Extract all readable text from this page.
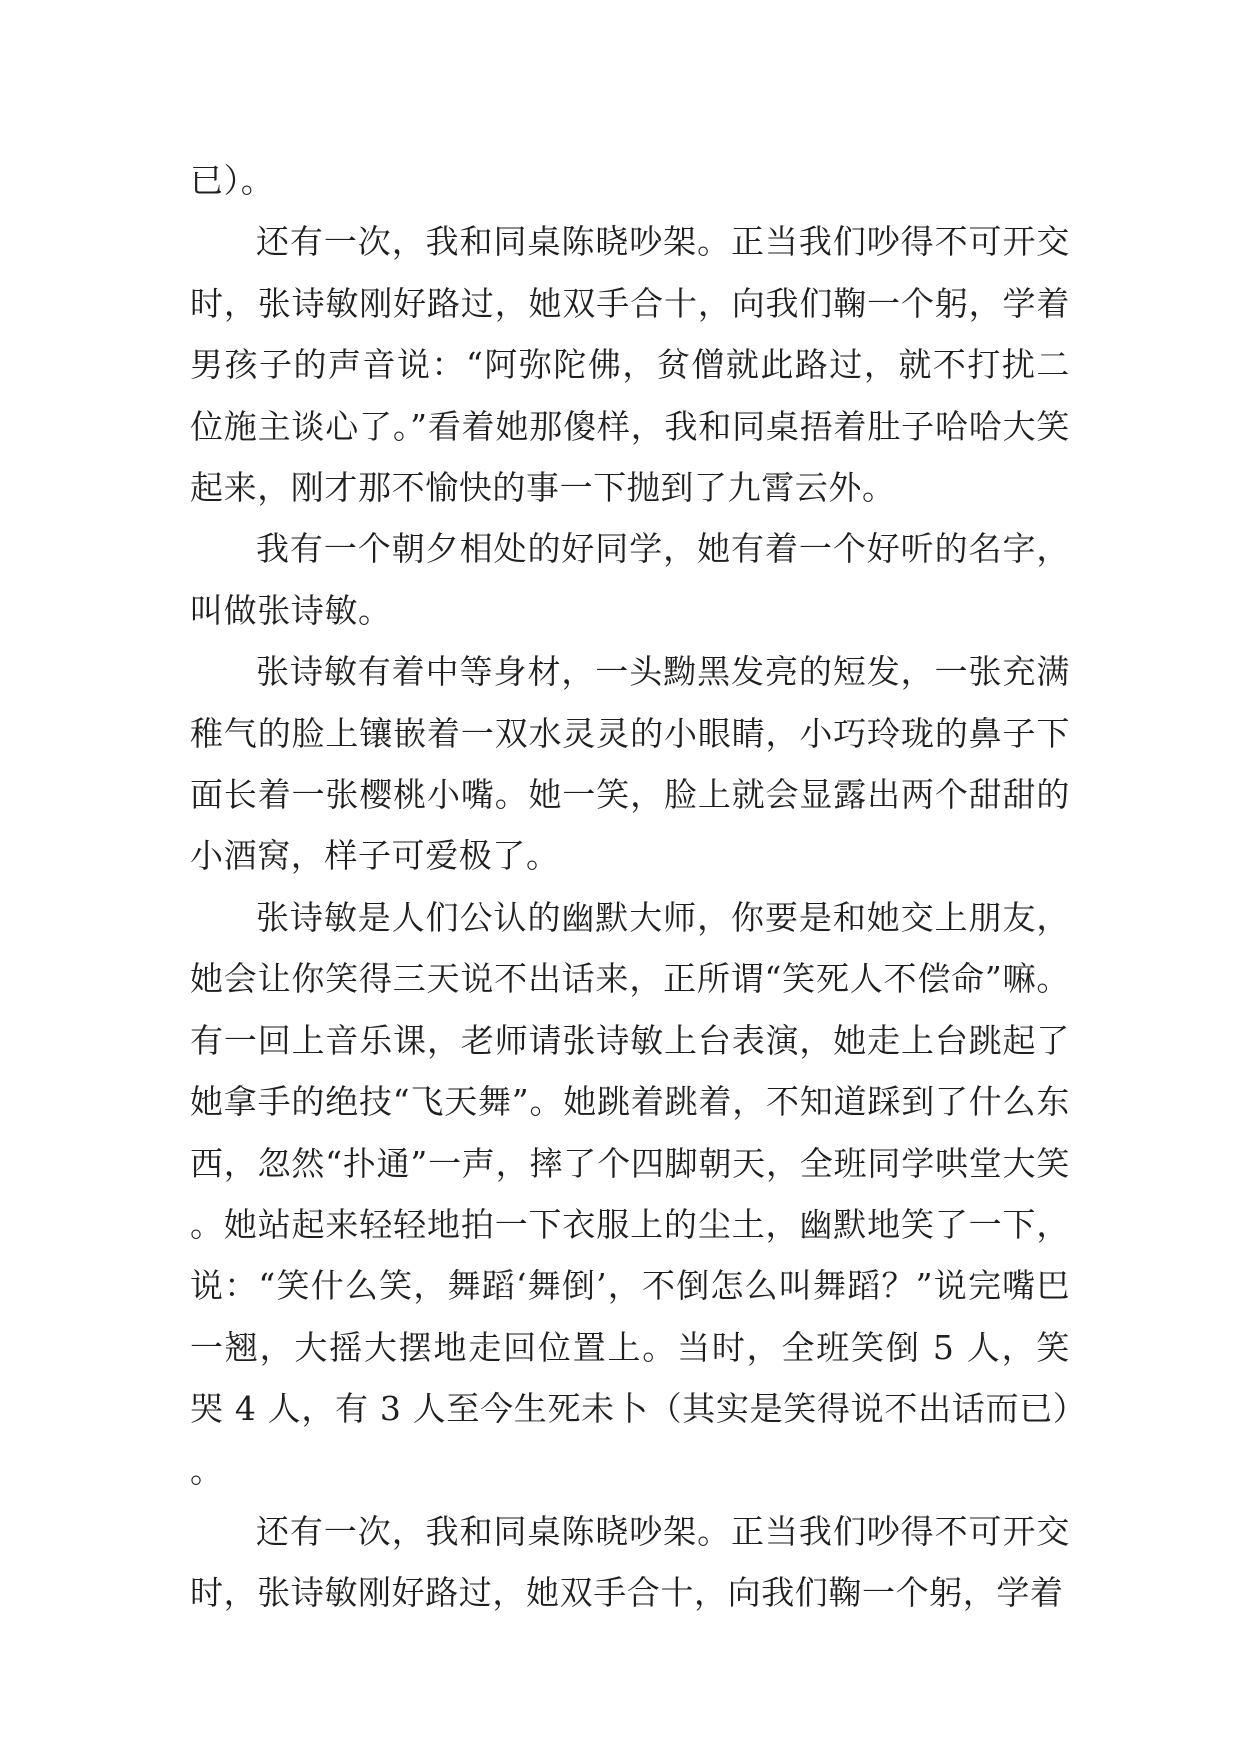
已）。

还有一次，我和同桌陈晓吵架。正当我们吵得不可开交时，张诗敏刚好路过，她双手合十，向我们鞠一个躬，学着男孩子的声音说：“阿弥陀佛，贫僧就此路过，就不打扰二位施主谈心了。”看着她那傻样，我和同桌捂着肚子哈哈大笑起来，刚才那不愉快的事一下抛到了九霄云外。

我有一个朝夕相处的好同学，她有着一个好听的名字，叫做张诗敏。

张诗敏有着中等身材，一头黝黑发亮的短发，一张充满稚气的脸上镶嵌着一双水灵灵的小眼睛，小巧玲珑的鼻子下面长着一张樱桃小嘴。她一笑，脸上就会显露出两个甜甜的小酒窝，样子可爱极了。

张诗敏是人们公认的幽默大师，你要是和她交上朋友，她会让你笑得三天说不出话来，正所谓“笑死人不偿命”嘛。有一回上音乐课，老师请张诗敏上台表演，她走上台跳起了她拿手的绝技“飞天舞”。她跳着跳着，不知道踩到了什么东西，忽然“扑通”一声，摔了个四脚朝天，全班同学哄堂大笑。她站起来轻轻地拍一下衣服上的尘土，幽默地笑了一下，说：“笑什么笑，舞蹈‘舞倒’，不倒怎么叫舞蹈？”说完嘴巴一翘，大摇大摆地走回位置上。当时，全班笑倒 5 人，笑哭 4 人，有 3 人至今生死未卜（其实是笑得说不出话而已）。

还有一次，我和同桌陈晓吵架。正当我们吵得不可开交时，张诗敏刚好路过，她双手合十，向我们鞠一个躬，学着
